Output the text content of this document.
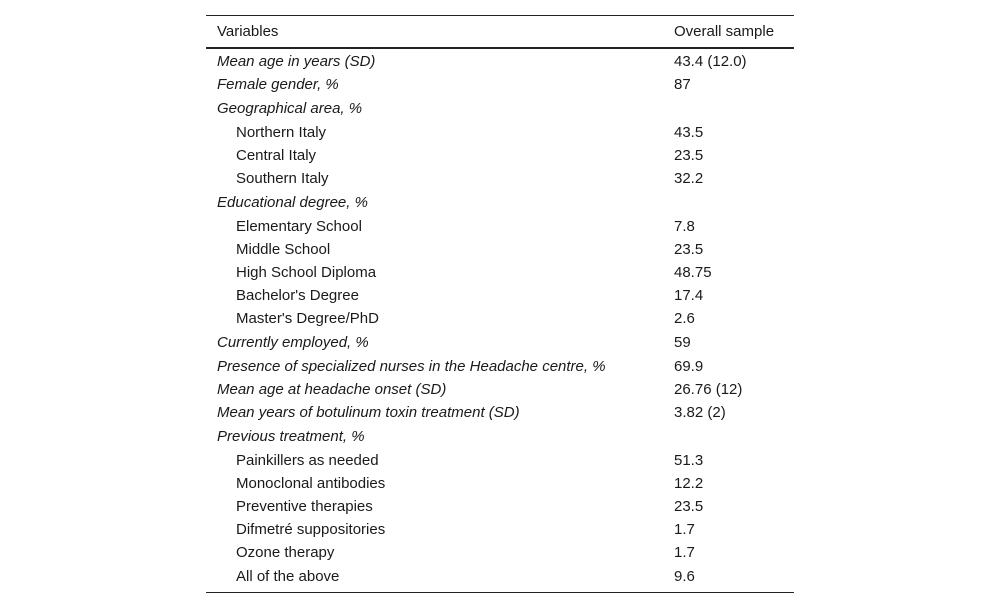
Variables	Overall sample
Mean age in years (SD)	43.4 (12.0)
Female gender, %	87
Geographical area, %	
Northern Italy	43.5
Central Italy	23.5
Southern Italy	32.2
Educational degree, %	
Elementary School	7.8
Middle School	23.5
High School Diploma	48.75
Bachelor's Degree	17.4
Master's Degree/PhD	2.6
Currently employed, %	59
Presence of specialized nurses in the Headache centre, %	69.9
Mean age at headache onset (SD)	26.76 (12)
Mean years of botulinum toxin treatment (SD)	3.82 (2)
Previous treatment, %	
Painkillers as needed	51.3
Monoclonal antibodies	12.2
Preventive therapies	23.5
Difmetré suppositories	1.7
Ozone therapy	1.7
All of the above	9.6
